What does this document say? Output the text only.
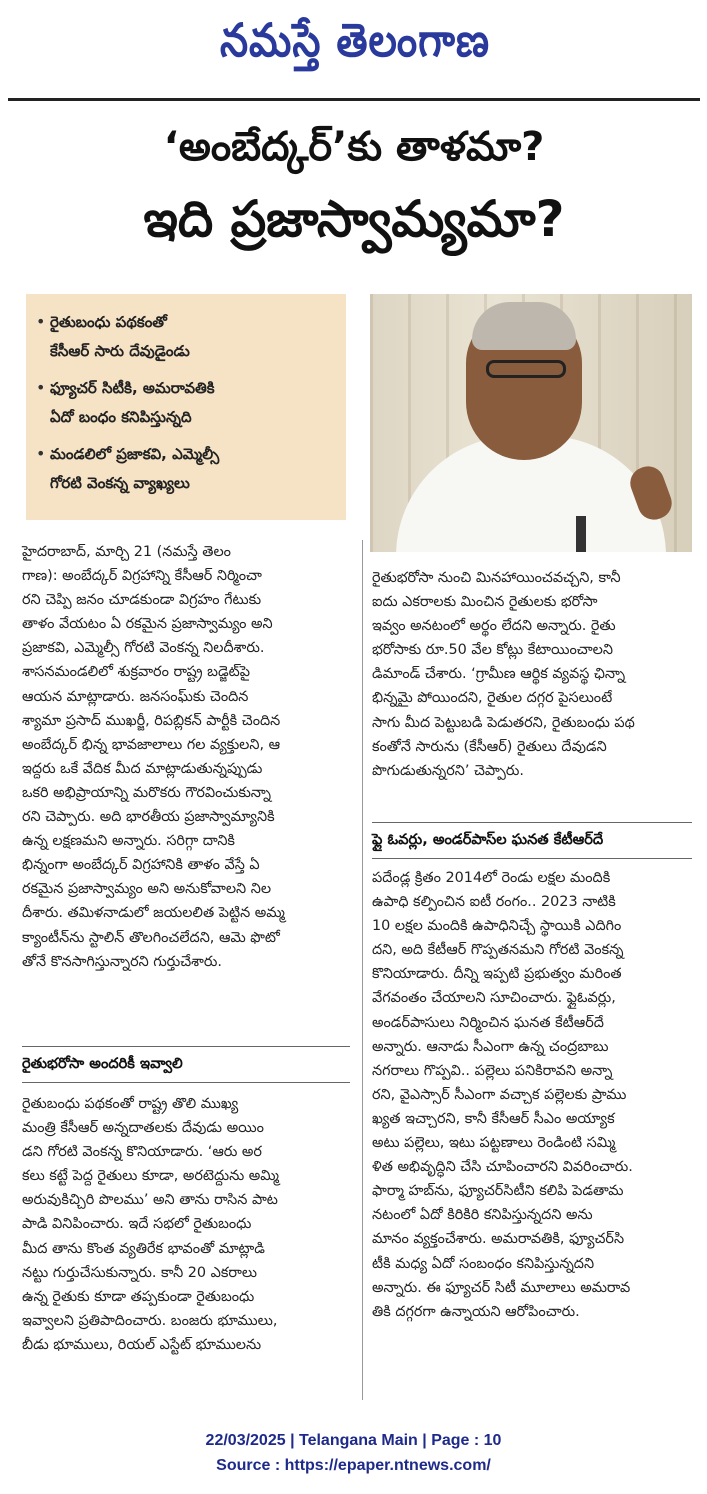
నమస్తే తెలంగాణ
‘అంబేద్కర్’కు తాళమా?
ఇది ప్రజాస్వామ్యమా?
• రైతుబంధు పథకంతో
కేసీఆర్ సారు దేవుడైండు
• ఫ్యూచర్ సిటీకి, అమరావతికి
ఏదో బంధం కనిపిస్తున్నది
• మండలిలో ప్రజాకవి, ఎమ్మెల్సీ
గోరటి వెంకన్న వ్యాఖ్యలు
హైదరాబాద్, మార్చి 21 (నమస్తే తెలం
గాణ): అంబేద్కర్ విగ్రహాన్ని కేసీఆర్ నిర్మించా
రని చెప్పి జనం చూడకుండా విగ్రహం గేటుకు
తాళం వేయటం ఏ రకమైన ప్రజాస్వామ్యం అని
ప్రజాకవి, ఎమ్మెల్సీ గోరటి వెంకన్న నిలదీశారు.
శాసనమండలిలో శుక్రవారం రాష్ట్ర బడ్జెట్‌పై
ఆయన మాట్లాడారు. జనసంఘ్‌కు చెందిన
శ్యామా ప్రసాద్ ముఖర్జీ, రిపబ్లికన్ పార్టీకి చెందిన
అంబేద్కర్ భిన్న భావజాలాలు గల వ్యక్తులని, ఆ
ఇద్దరు ఒకే వేదిక మీద మాట్లాడుతున్నప్పుడు
ఒకరి అభిప్రాయాన్ని మరొకరు గౌరవించుకున్నా
రని చెప్పారు. అది భారతీయ ప్రజాస్వామ్యానికి
ఉన్న లక్షణమని అన్నారు. సరిగ్గా దానికి
భిన్నంగా అంబేద్కర్ విగ్రహానికి తాళం వేస్తే ఏ
రకమైన ప్రజాస్వామ్యం అని అనుకోవాలని నిల
దీశారు. తమిళనాడులో జయలలిత పెట్టిన అమ్మ
క్యాంటీన్‌ను స్టాలిన్ తొలగించలేదని, ఆమె ఫొటో
తోనే కొనసాగిస్తున్నారని గుర్తుచేశారు.
రైతుభరోసా అందరికీ ఇవ్వాలి
రైతుబంధు పథకంతో రాష్ట్ర తొలి ముఖ్య
మంత్రి కేసీఆర్ అన్నదాతలకు దేవుడు అయిం
డని గోరటి వెంకన్న కొనియాడారు. ‘ఆరు అర
కలు కట్టే పెద్ద రైతులు కూడా, అరటెద్దును అమ్మి
అరువుకిచ్చిరి పొలము’ అని తాను రాసిన పాట
పాడి వినిపించారు. ఇదే సభలో రైతుబంధు
మీద తాను కొంత వ్యతిరేక భావంతో మాట్లాడి
నట్టు గుర్తుచేసుకున్నారు. కానీ 20 ఎకరాలు
ఉన్న రైతుకు కూడా తప్పకుండా రైతుబంధు
ఇవ్వాలని ప్రతిపాదించారు. బంజరు భూములు,
బీడు భూములు, రియల్ ఎస్టేట్ భూములను
రైతుభరోసా నుంచి మినహాయించవచ్చని, కానీ
ఐదు ఎకరాలకు మించిన రైతులకు భరోసా
ఇవ్వం అనటంలో అర్థం లేదని అన్నారు. రైతు
భరోసాకు రూ.50 వేల కోట్లు కేటాయించాలని
డిమాండ్ చేశారు. ‘గ్రామీణ ఆర్థిక వ్యవస్థ ఛిన్నా
భిన్నమై పోయిందని, రైతుల దగ్గర పైసలుంటే
సాగు మీద పెట్టుబడి పెడుతరని, రైతుబంధు పథ
కంతోనే సారును (కేసీఆర్) రైతులు దేవుడని
పొగుడుతున్నరని’ చెప్పారు.
ఫ్లై ఓవర్లు, అండర్‌పాస్‌ల ఘనత కేటీఆర్‌దే
పదేండ్ల క్రితం 2014లో రెండు లక్షల మందికి
ఉపాధి కల్పించిన ఐటీ రంగం.. 2023 నాటికి
10 లక్షల మందికి ఉపాధినిచ్చే స్థాయికి ఎదిగిం
దని, అది కేటీఆర్ గొప్పతనమని గోరటి వెంకన్న
కొనియాడారు. దీన్ని ఇప్పటి ప్రభుత్వం మరింత
వేగవంతం చేయాలని సూచించారు. ఫ్లైఓవర్లు,
అండర్‌పాసులు నిర్మించిన ఘనత కేటీఆర్‌దే
అన్నారు. ఆనాడు సీఎంగా ఉన్న చంద్రబాబు
నగరాలు గొప్పవి.. పల్లెలు పనికిరావని అన్నా
రని, వైఎస్సార్ సీఎంగా వచ్చాక పల్లెలకు ప్రాము
ఖ్యత ఇచ్చారని, కానీ కేసీఆర్ సీఎం అయ్యాక
అటు పల్లెలు, ఇటు పట్టణాలు రెండింటి సమ్మి
ళిత అభివృద్ధిని చేసి చూపించారని వివరించారు.
ఫార్మా హబ్‌ను, ఫ్యూచర్‌సిటీని కలిపి పెడతామ
నటంలో ఏదో కిరికిరి కనిపిస్తున్నదని అను
మానం వ్యక్తంచేశారు. అమరావతికి, ఫ్యూచర్‌సి
టీకి మధ్య ఏదో సంబంధం కనిపిస్తున్నదని
అన్నారు. ఈ ఫ్యూచర్ సిటీ మూలాలు అమరావ
తికి దగ్గరగా ఉన్నాయని ఆరోపించారు.
22/03/2025 | Telangana Main | Page : 10
Source : https://epaper.ntnews.com/
